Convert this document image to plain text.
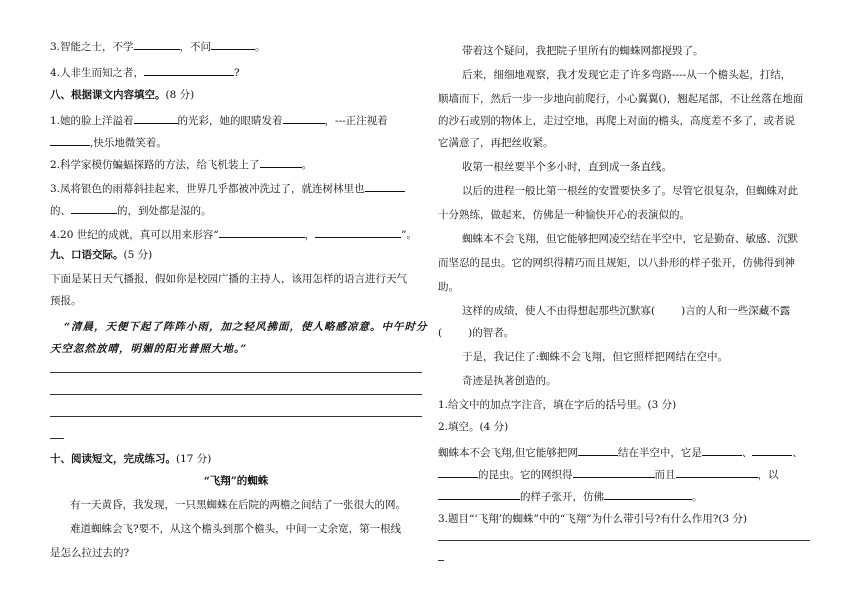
3.智能之士，不学	，不问	。
4.人非生而知之者，	?
八、根据课文内容填空。(8 分)
1.她的脸上洋溢着	的光彩，她的眼睛发着	，---正注视着
,快乐地微笑着。
2.科学家模仿蝙蝠探路的方法，给飞机装上了	。
3.凤将银色的雨幕斜挂起来，世界几乎都被冲洗过了，就连树林里也
的、	的，到处都是湿的。
4.20 世纪的成就，真可以用来形容“	，	”。
九、口语交际。(5 分)
下面是某日天气播报，假如你是校园广播的主持人，该用怎样的语言进行天气
预报。
“清晨，天便下起了阵阵小雨，加之轻风拂面，使人略感凉意。中午时分
天空忽然放晴，明媚的阳光普照大地。”
十、阅读短文，完成练习。(17 分)
“飞翔”的蜘蛛
有一天黄昏，我发现，一只黑蜘蛛在后院的两檐之间结了一张很大的网。
难道蜘蛛会飞?要不，从这个檐头到那个檐头，中间一丈余宽，第一根线
是怎么拉过去的?
带着这个疑问，我把院子里所有的蜘蛛网都搅毁了。
后来，细细地观察，我才发现它走了许多弯路----从一个檐头起，打结，
顺墙而下，然后一步一步地向前爬行，小心翼翼()，翘起尾部，不让丝落在地面
的沙石或别的物体上，走过空地，再爬上对面的檐头，高度差不多了，或者说
它满意了，再把丝收紧。
收第一根丝要半个多小时，直到成一条直线。
以后的进程一般比第一根丝的安置要快多了。尽管它很复杂，但蜘蛛对此
十分熟练，做起来，仿佛是一种愉快开心的表演似的。
蜘蛛本不会飞翔，但它能够把网凌空结在半空中，它是勤奋、敏感、沉默
而坚忍的昆虫。它的网织得精巧而且规矩，以八卦形的样子张开，仿佛得到神
助。
这样的成绩，使人不由得想起那些沉默寡( )言的人和一些深藏不露
( )的智者。
于是，我记住了:蜘蛛不会飞翔，但它照样把网结在空中。
奇迹是执著创造的。
1.给文中的加点字注音，填在字后的括号里。(3 分)
2.填空。(4 分)
蜘蛛本不会飞翔,但它能够把网	结在半空中，它是	、	、
的昆虫。它的网织得	而且	，以
的样子张开，仿佛	。
3.题目“‘飞翔’的蜘蛛”中的“飞翔”为什么带引号?有什么作用?(3 分)
